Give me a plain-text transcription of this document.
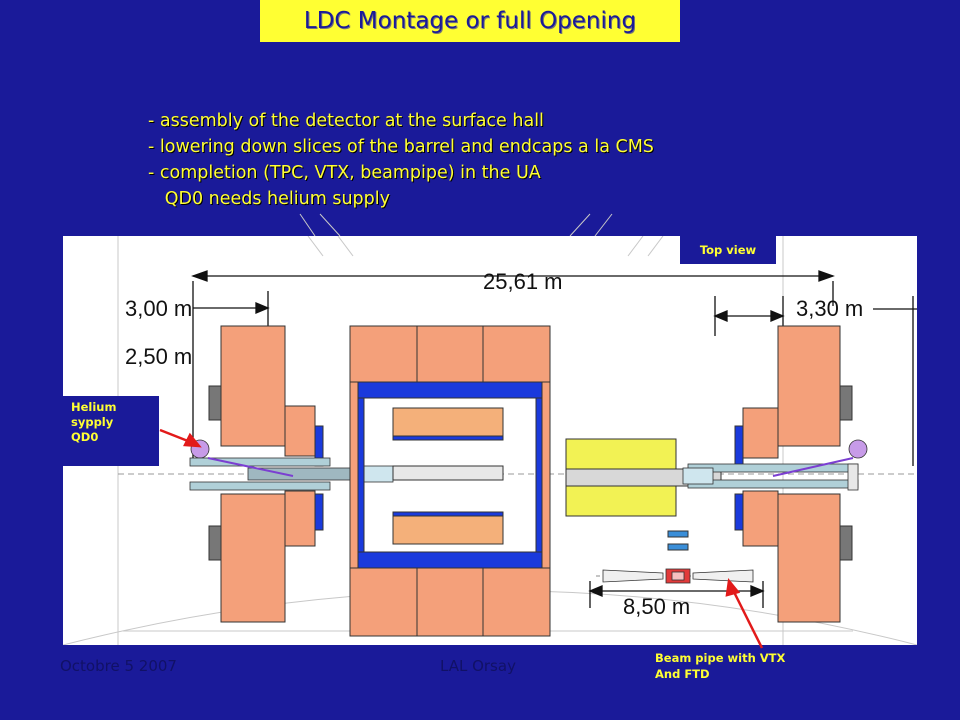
LDC Montage or full Opening
- assembly of the detector at the surface hall
- lowering down slices of the barrel and endcaps a la CMS
- completion (TPC, VTX, beampipe) in the UA
QD0 needs helium supply
25,61 m
3,00 m
2,50 m
3,30 m
8,50 m
Top view
Helium
sypply
QD0
Beam pipe with VTX
And FTD
Octobre 5 2007	LAL Orsay
